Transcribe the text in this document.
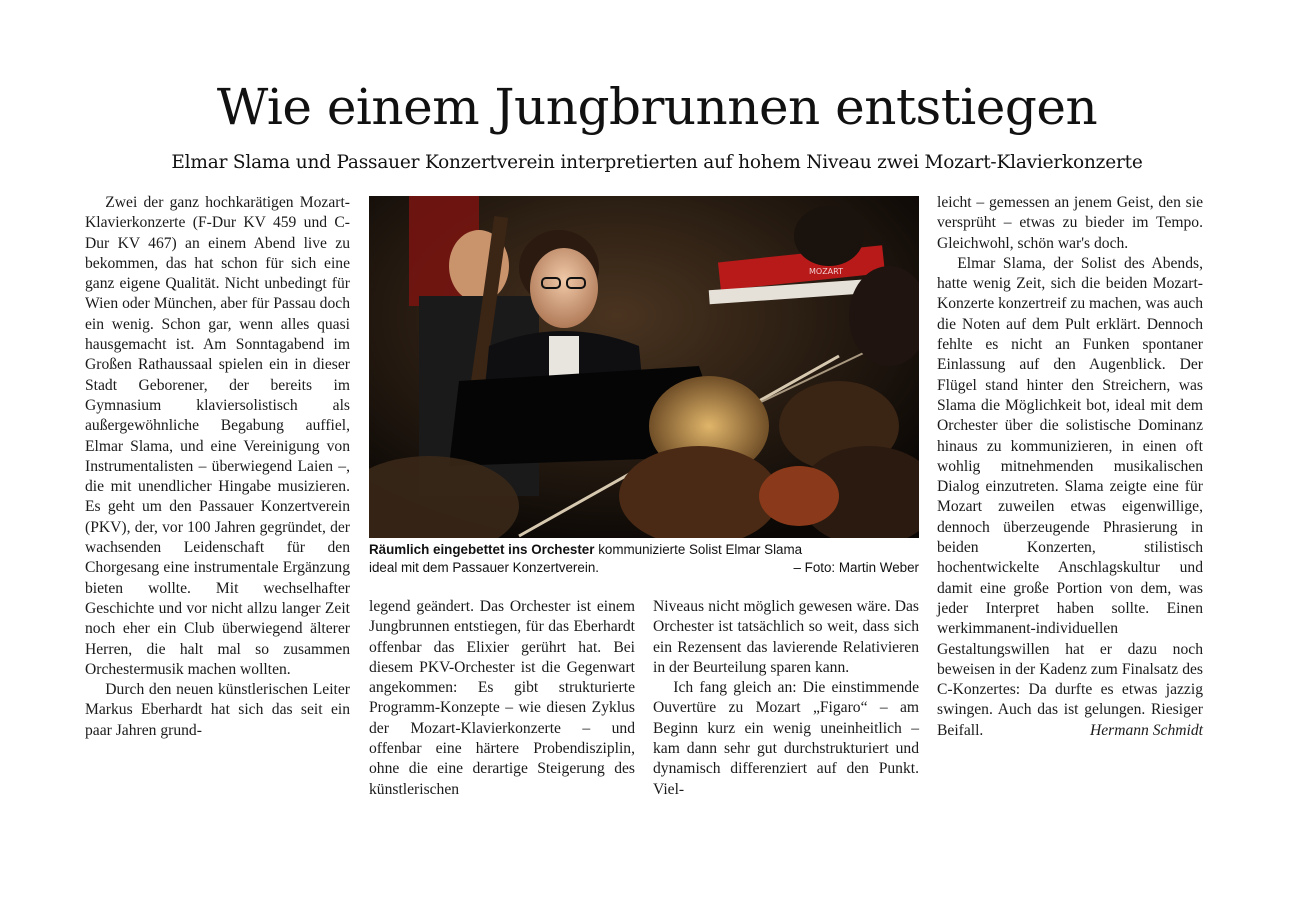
Wie einem Jungbrunnen entstiegen
Elmar Slama und Passauer Konzertverein interpretierten auf hohem Niveau zwei Mozart-Klavierkonzerte

Zwei der ganz hochkarätigen Mozart-Klavierkonzerte (F-Dur KV 459 und C-Dur KV 467) an einem Abend live zu bekommen, das hat schon für sich eine ganz eigene Qualität. Nicht unbedingt für Wien oder München, aber für Passau doch ein wenig. Schon gar, wenn alles quasi hausgemacht ist. Am Sonntagabend im Großen Rathaussaal spielen ein in dieser Stadt Geborener, der bereits im Gymnasium klaviersolistisch als außergewöhnliche Begabung auffiel, Elmar Slama, und eine Vereinigung von Instrumentalisten – überwiegend Laien –, die mit unendlicher Hingabe musizieren. Es geht um den Passauer Konzertverein (PKV), der, vor 100 Jahren gegründet, der wachsenden Leidenschaft für den Chorgesang eine instrumentale Ergänzung bieten wollte. Mit wechselhafter Geschichte und vor nicht allzu langer Zeit noch eher ein Club überwiegend älterer Herren, die halt mal so zusammen Orchestermusik machen wollten.

Durch den neuen künstlerischen Leiter Markus Eberhardt hat sich das seit ein paar Jahren grund-

MOZART
Räumlich eingebettet ins Orchester kommunizierte Solist Elmar Slama
ideal mit dem Passauer Konzertverein.	– Foto: Martin Weber

legend geändert. Das Orchester ist einem Jungbrunnen entstiegen, für das Eberhardt offenbar das Elixier gerührt hat. Bei diesem PKV-Orchester ist die Gegenwart angekommen: Es gibt strukturierte Programm-Konzepte – wie diesen Zyklus der Mozart-Klavierkonzerte – und offenbar eine härtere Probendisziplin, ohne die eine derartige Steigerung des künstlerischen

Niveaus nicht möglich gewesen wäre. Das Orchester ist tatsächlich so weit, dass sich ein Rezensent das lavierende Relativieren in der Beurteilung sparen kann.

Ich fang gleich an: Die einstimmende Ouvertüre zu Mozart „Figaro“ – am Beginn kurz ein wenig uneinheitlich – kam dann sehr gut durchstrukturiert und dynamisch differenziert auf den Punkt. Viel-

leicht – gemessen an jenem Geist, den sie versprüht – etwas zu bieder im Tempo. Gleichwohl, schön war's doch.

Elmar Slama, der Solist des Abends, hatte wenig Zeit, sich die beiden Mozart-Konzerte konzertreif zu machen, was auch die Noten auf dem Pult erklärt. Dennoch fehlte es nicht an Funken spontaner Einlassung auf den Augenblick. Der Flügel stand hinter den Streichern, was Slama die Möglichkeit bot, ideal mit dem Orchester über die solistische Dominanz hinaus zu kommunizieren, in einen oft wohlig mitnehmenden musikalischen Dialog einzutreten. Slama zeigte eine für Mozart zuweilen etwas eigenwillige, dennoch überzeugende Phrasierung in beiden Konzerten, stilistisch hochentwickelte Anschlagskultur und damit eine große Portion von dem, was jeder Interpret haben sollte. Einen werkimmanent-individuellen Gestaltungswillen hat er dazu noch beweisen in der Kadenz zum Finalsatz des C-Konzertes: Da durfte es etwas jazzig swingen. Auch das ist gelungen. Riesiger Beifall.	Hermann Schmidt
